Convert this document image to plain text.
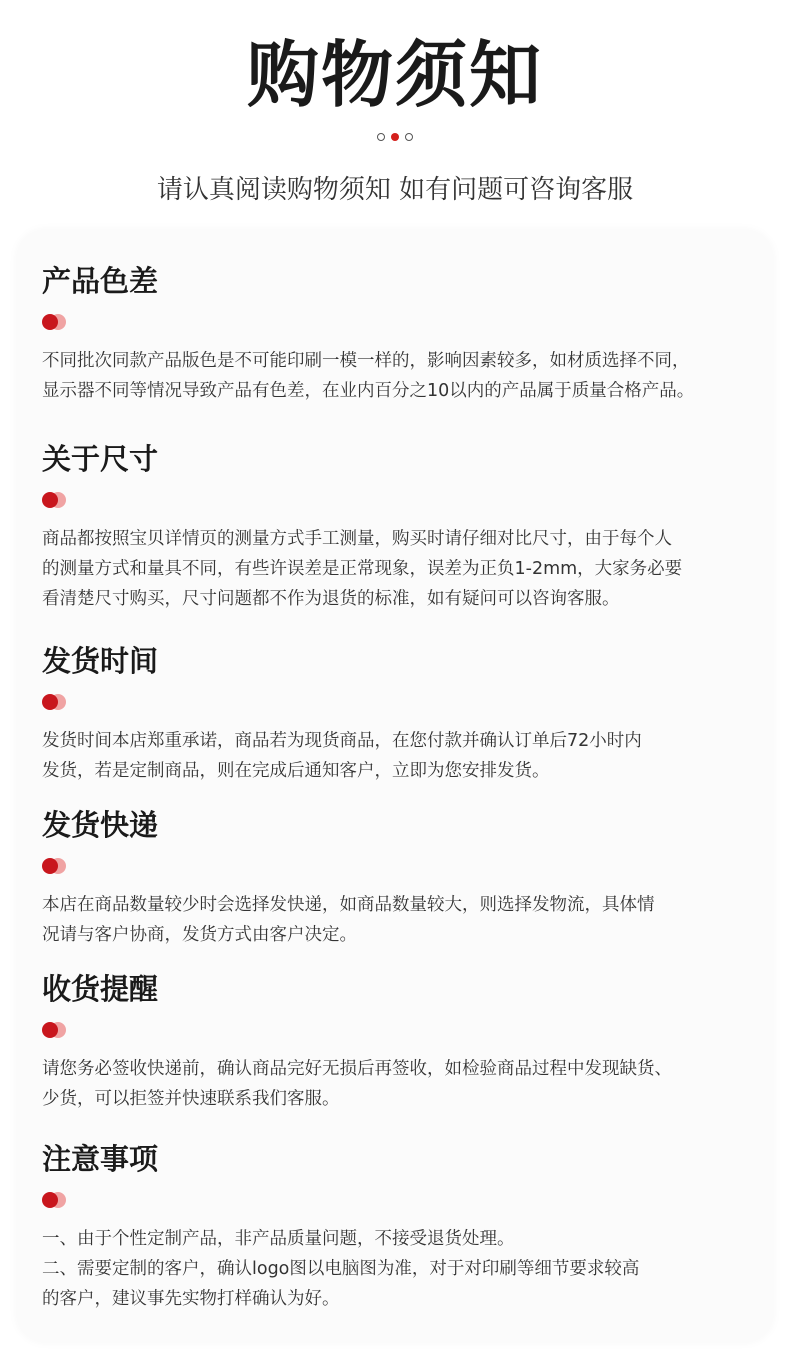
购物须知
请认真阅读购物须知 如有问题可咨询客服
产品色差

不同批次同款产品版色是不可能印刷一模一样的，影响因素较多，如材质选择不同，

显示器不同等情况导致产品有色差，在业内百分之10以内的产品属于质量合格产品。

关于尺寸

商品都按照宝贝详情页的测量方式手工测量，购买时请仔细对比尺寸，由于每个人

的测量方式和量具不同，有些许误差是正常现象，误差为正负1-2mm，大家务必要

看清楚尺寸购买，尺寸问题都不作为退货的标准，如有疑问可以咨询客服。

发货时间

发货时间本店郑重承诺，商品若为现货商品，在您付款并确认订单后72小时内

发货，若是定制商品，则在完成后通知客户，立即为您安排发货。

发货快递

本店在商品数量较少时会选择发快递，如商品数量较大，则选择发物流，具体情

况请与客户协商，发货方式由客户决定。

收货提醒

请您务必签收快递前，确认商品完好无损后再签收，如检验商品过程中发现缺货、

少货，可以拒签并快速联系我们客服。

注意事项

一、由于个性定制产品，非产品质量问题，不接受退货处理。

二、需要定制的客户，确认logo图以电脑图为准，对于对印刷等细节要求较高

的客户，建议事先实物打样确认为好。
